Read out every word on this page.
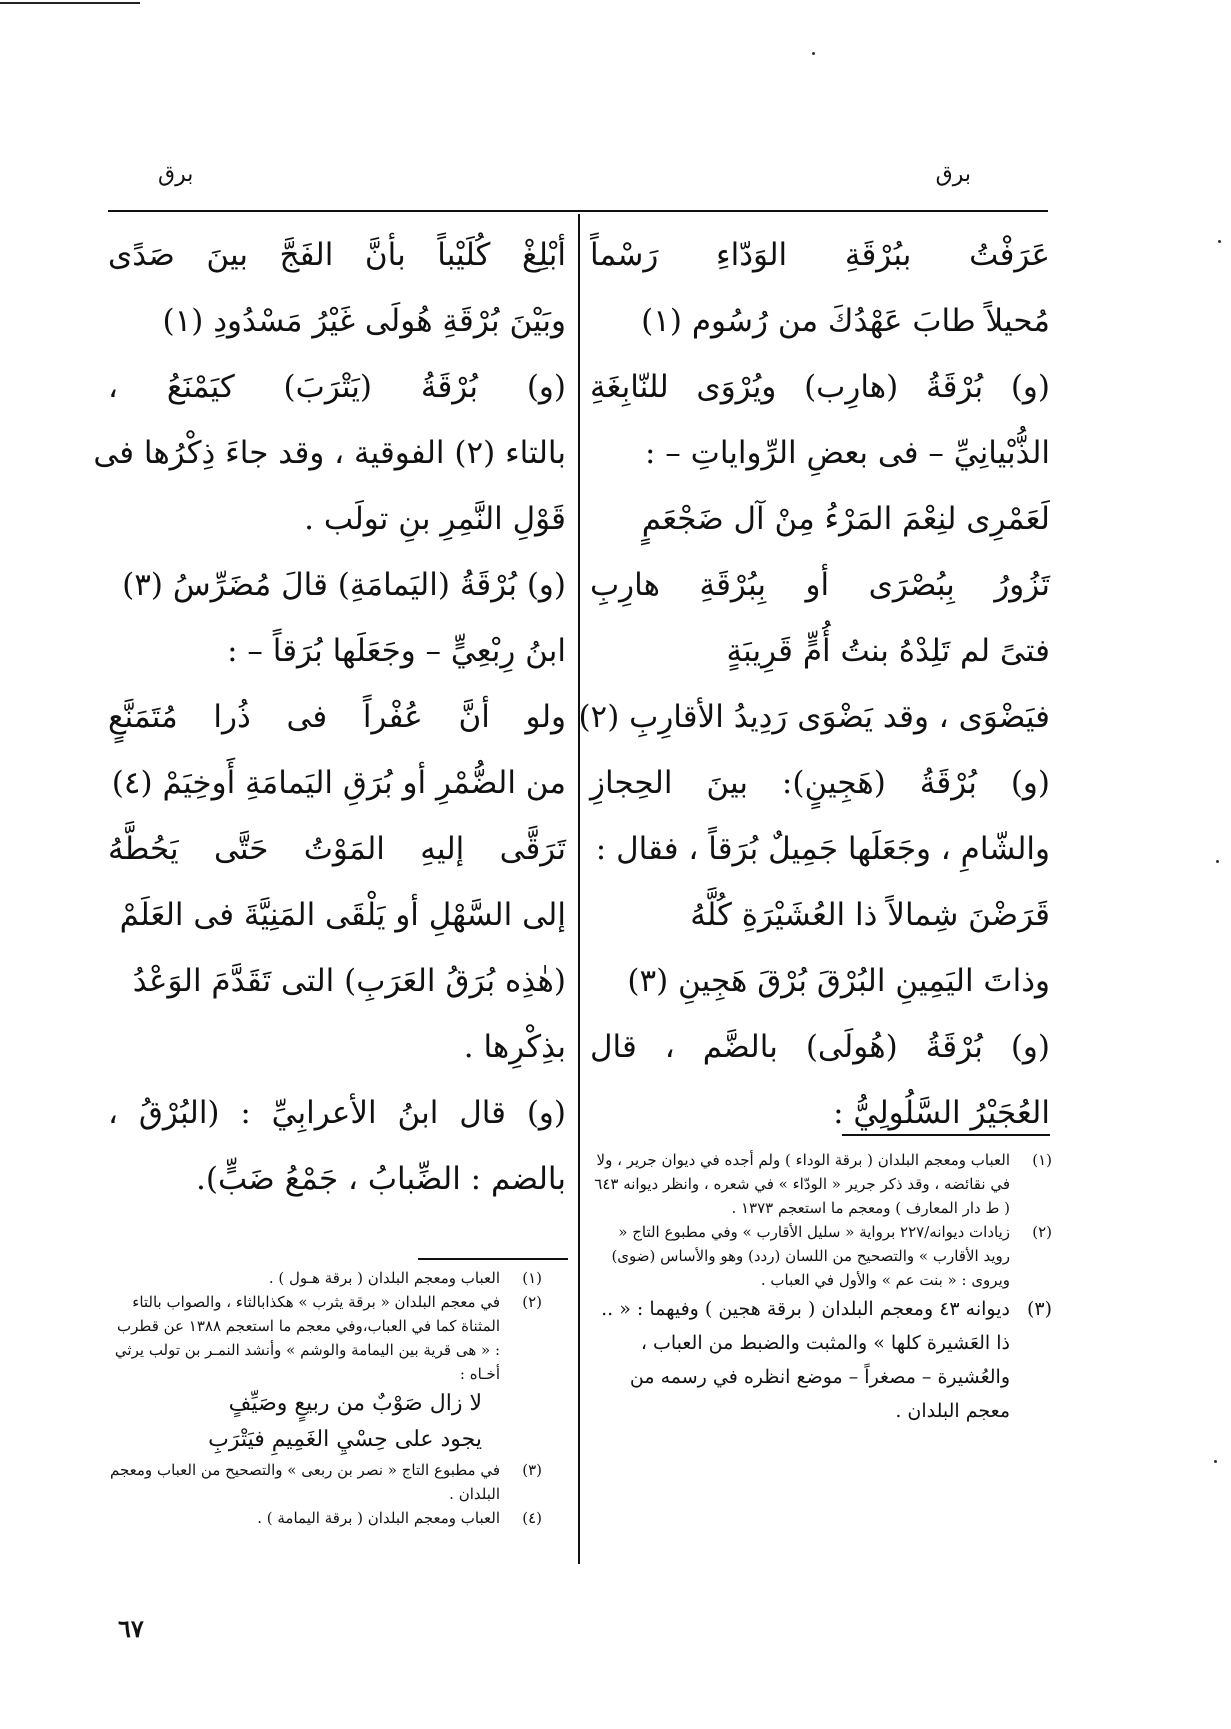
برق
برق
عَرَفْتُ ببُرْقَةِ الوَدّاءِ رَسْماً
مُحيلاً طابَ عَهْدُكَ من رُسُوم (١)
(و) بُرْقَةُ (هارِب) ويُرْوَى للنّابِغَةِ
الذُّبْيانِيِّ – فى بعضِ الرِّواياتِ – :
لَعَمْرِى لنِعْمَ المَرْءُ مِنْ آل ضَجْعَمٍ
تَزُورُ بِبُصْرَى أو بِبُرْقَةِ هارِبِ
فتىً لم تَلِدْهُ بنتُ أُمٍّ قَرِيبَةٍ
فيَضْوَى ، وقد يَضْوَى رَدِيدُ الأقارِبِ (٢)
(و) بُرْقَةُ (هَجِينٍ): بينَ الحِجازِ
والشّامِ ، وجَعَلَها جَمِيلٌ بُرَقاً ، فقال :
قَرَضْنَ شِمالاً ذا العُشَيْرَةِ كُلَّهُ
وذاتَ اليَمِينِ البُرْقَ بُرْقَ هَجِينِ (٣)
(و) بُرْقَةُ (هُولَى) بالضَّم ، قال
العُجَيْرُ السَّلُولِيُّ :
(١)
العباب ومعجم البلدان ( برقة الوداء ) ولم أجده في ديوان جرير ، ولا في نقائضه ، وقد ذكر جرير « الودّاء » في شعره ، وانظر ديوانه ٦٤٣ ( ط دار المعارف ) ومعجم ما استعجم ١٣٧٣ .
(٢)
زيادات ديوانه/٢٢٧ برواية « سليل الأقارب » وفي مطبوع التاج « رويد الأقارب » والتصحيح من اللسان (ردد) وهو والأساس (ضوى) ويروى : « بنت عم » والأول في العباب .
(٣)
ديوانه ٤٣ ومعجم البلدان ( برقة هجين ) وفيهما : « .. ذا العَشيرة كلها » والمثبت والضبط من العباب ، والعُشيرة – مصغراً – موضع انظره في رسمه من معجم البلدان .
أبْلِغْ كُلَيْباً بأنَّ الفَجَّ بينَ صَدًى
وبَيْنَ بُرْقَةِ هُولَى غَيْرُ مَسْدُودِ (١)
(و) بُرْقَةُ (يَتْرَبَ) كيَمْنَعُ ،
بالتاء (٢) الفوقية ، وقد جاءَ ذِكْرُها فى
قَوْلِ النَّمِرِ بنِ تولَب .
(و) بُرْقَةُ (اليَمامَةِ) قالَ مُضَرِّسُ (٣)
ابنُ رِبْعِيٍّ – وجَعَلَها بُرَقاً – :
ولو أنَّ عُفْراً فى ذُرا مُتَمَنَّعٍ
من الضُّمْرِ أو بُرَقِ اليَمامَةِ أَوخِيَمْ (٤)
تَرَقَّى إليهِ المَوْتُ حَتَّى يَحُطَّهُ
إلى السَّهْلِ أو يَلْقَى المَنِيَّةَ فى العَلَمْ
(هٰذِه بُرَقُ العَرَبِ) التى تَقَدَّمَ الوَعْدُ
بذِكْرِها .
(و) قال ابنُ الأعرابِيِّ : (البُرْقُ ،
بالضم : الضِّبابُ ، جَمْعُ ضَبٍّ).
(١)
العباب ومعجم البلدان ( برقة هـول ) .
(٢)
في معجم البلدان « برقة يثرب » هكذابالثاء ، والصواب بالتاء المثناة كما في العباب،وفي معجم ما استعجم ١٣٨٨ عن قطرب : « هى قرية بين اليمامة والوشم » وأنشد النمـر بن تولب يرثي أخـاه :
لا زال صَوْبٌ من ربيعٍ وصَيِّفٍ
يجود على حِسْيِ الغَمِيمِ فيَتْرَبِ
(٣)
في مطبوع التاج « نصر بن ربعى » والتصحيح من العباب ومعجم البلدان .
(٤)
العباب ومعجم البلدان ( برقة اليمامة ) .
٦٧
